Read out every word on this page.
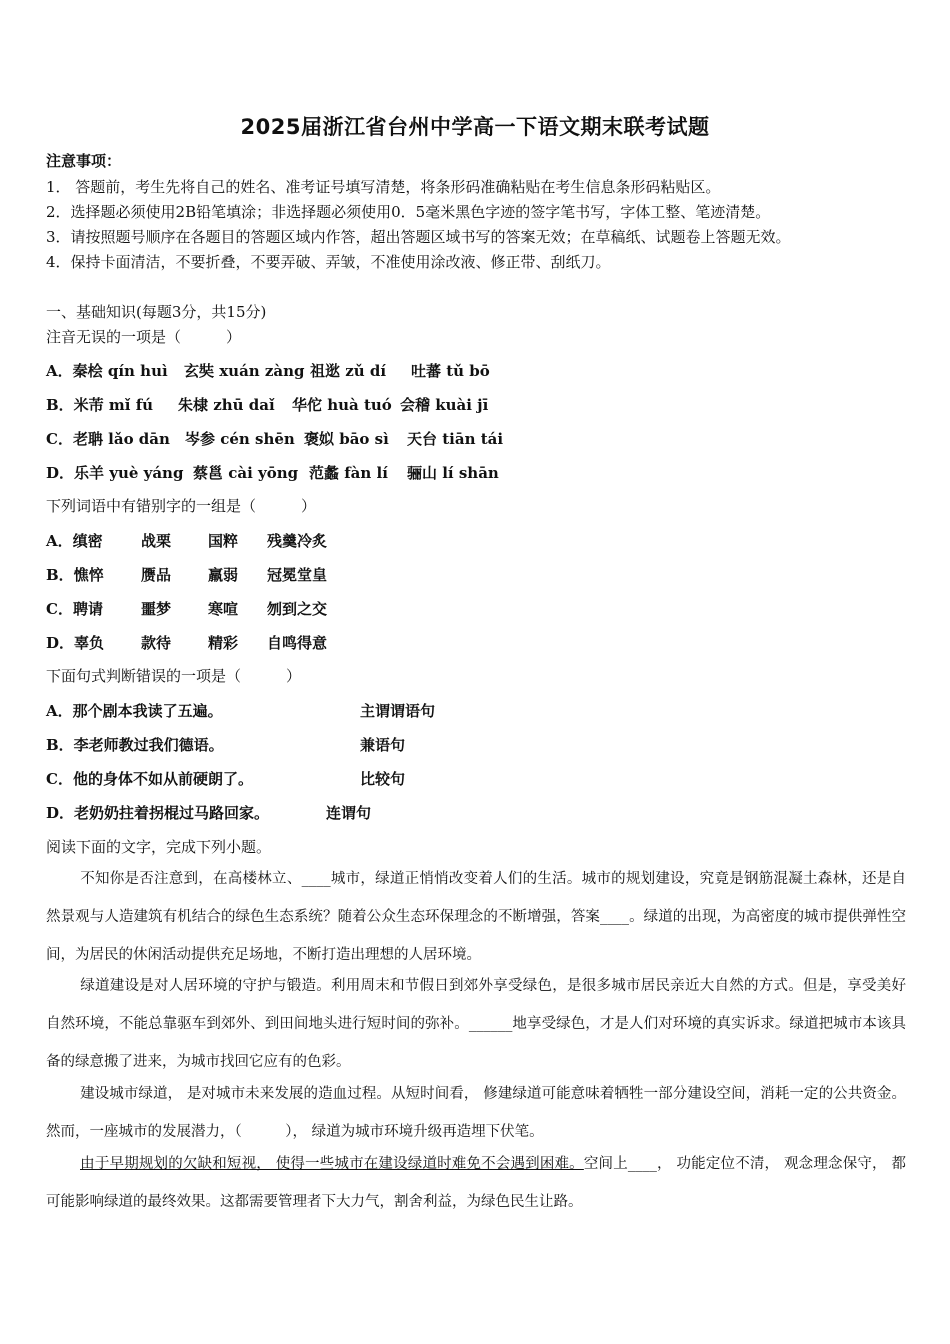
2025届浙江省台州中学高一下语文期末联考试题
注意事项：
1． 答题前，考生先将自己的姓名、准考证号填写清楚，将条形码准确粘贴在考生信息条形码粘贴区。
2．选择题必须使用2B铅笔填涂；非选择题必须使用0．5毫米黑色字迹的签字笔书写，字体工整、笔迹清楚。
3．请按照题号顺序在各题目的答题区域内作答，超出答题区域书写的答案无效；在草稿纸、试题卷上答题无效。
4．保持卡面清洁，不要折叠，不要弄破、弄皱，不准使用涂改液、修正带、刮纸刀。
一、基础知识(每题3分，共15分)
注音无误的一项是（　　　）
A．秦桧 qín huì 玄奘 xuán zàng 祖逖 zǔ dí 吐蕃 tǔ bō
B．米芾 mǐ fú 朱棣 zhū daǐ 华佗 huà tuó 会稽 kuài jī
C．老聃 lǎo dān 岑参 cén shēn 褒姒 bāo sì 天台 tiān tái
D．乐羊 yuè yáng 蔡邕 cài yōng 范蠡 fàn lí 骊山 lí shān
下列词语中有错别字的一组是（　　　）
A．缜密	战栗 国粹 残羹冷炙
B．憔悴 赝品 羸弱 冠冕堂皇
C．聘请	噩梦 寒喧 刎到之交
D．辜负 款待 精彩 自鸣得意
下面句式判断错误的一项是（　　　）
A．那个剧本我读了五遍。	主谓谓语句
B．李老师教过我们德语。	兼语句
C．他的身体不如从前硬朗了。	比较句
D．老奶奶拄着拐棍过马路回家。	连谓句
阅读下面的文字，完成下列小题。
不知你是否注意到，在高楼林立、____城市，绿道正悄悄改变着人们的生活。城市的规划建设，究竟是钢筋混凝土森林，还是自然景观与人造建筑有机结合的绿色生态系统？随着公众生态环保理念的不断增强，答案____。绿道的出现，为高密度的城市提供弹性空间，为居民的休闲活动提供充足场地，不断打造出理想的人居环境。
绿道建设是对人居环境的守护与锻造。利用周末和节假日到郊外享受绿色，是很多城市居民亲近大自然的方式。但是，享受美好自然环境，不能总靠驱车到郊外、到田间地头进行短时间的弥补。______地享受绿色，才是人们对环境的真实诉求。绿道把城市本该具备的绿意搬了进来，为城市找回它应有的色彩。
建设城市绿道， 是对城市未来发展的造血过程。从短时间看， 修建绿道可能意味着牺牲一部分建设空间，消耗一定的公共资金。然而，一座城市的发展潜力，（　　　）， 绿道为城市环境升级再造埋下伏笔。
由于早期规划的欠缺和短视， 使得一些城市在建设绿道时难免不会遇到困难。空间上____， 功能定位不清， 观念理念保守， 都可能影响绿道的最终效果。这都需要管理者下大力气，割舍利益，为绿色民生让路。
